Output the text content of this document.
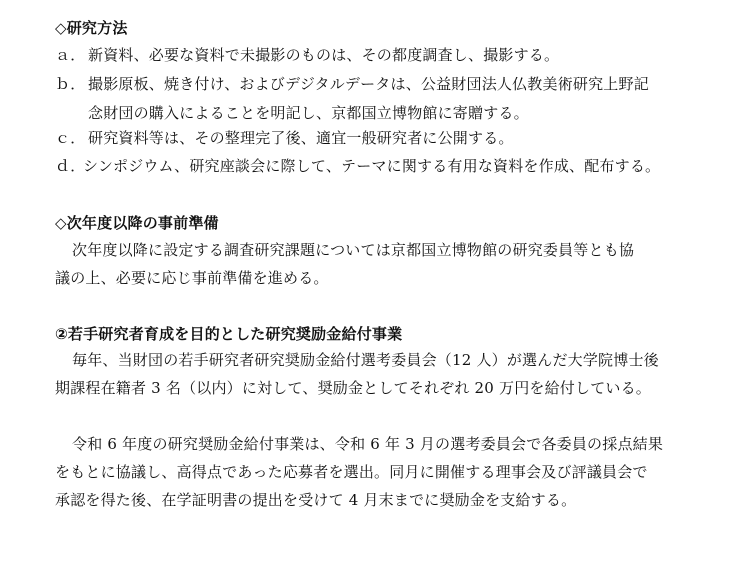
◇研究方法
ａ． 新資料、必要な資料で未撮影のものは、その都度調査し、撮影する。
ｂ． 撮影原板、焼き付け、およびデジタルデータは、公益財団法人仏教美術研究上野記
念財団の購入によることを明記し、京都国立博物館に寄贈する。
ｃ． 研究資料等は、その整理完了後、適宜一般研究者に公開する。
ｄ．シンポジウム、研究座談会に際して、テーマに関する有用な資料を作成、配布する。
◇次年度以降の事前準備
次年度以降に設定する調査研究課題については京都国立博物館の研究委員等とも協
議の上、必要に応じ事前準備を進める。
②若手研究者育成を目的とした研究奨励金給付事業
毎年、当財団の若手研究者研究奨励金給付選考委員会（12 人）が選んだ大学院博士後
期課程在籍者 3 名（以内）に対して、奨励金としてそれぞれ 20 万円を給付している。
令和 6 年度の研究奨励金給付事業は、令和 6 年 3 月の選考委員会で各委員の採点結果
をもとに協議し、高得点であった応募者を選出。同月に開催する理事会及び評議員会で
承認を得た後、在学証明書の提出を受けて 4 月末までに奨励金を支給する。
